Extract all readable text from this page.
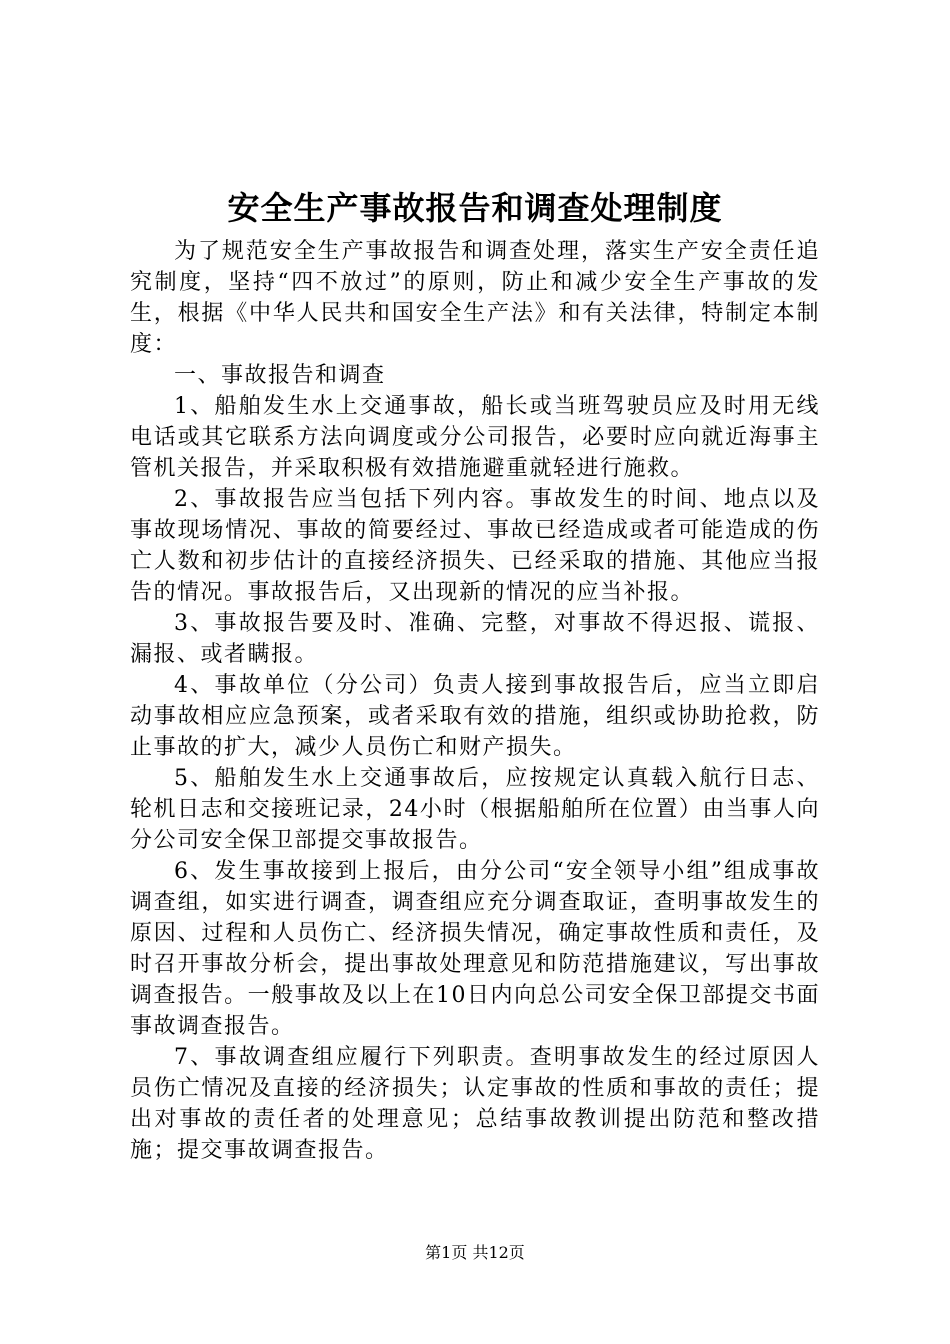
安全生产事故报告和调查处理制度

为了规范安全生产事故报告和调查处理，落实生产安全责任追究制度，坚持“四不放过”的原则，防止和减少安全生产事故的发生，根据《中华人民共和国安全生产法》和有关法律，特制定本制度：

一、事故报告和调查

1、船舶发生水上交通事故，船长或当班驾驶员应及时用无线电话或其它联系方法向调度或分公司报告，必要时应向就近海事主管机关报告，并采取积极有效措施避重就轻进行施救。

2、事故报告应当包括下列内容。事故发生的时间、地点以及事故现场情况、事故的简要经过、事故已经造成或者可能造成的伤亡人数和初步估计的直接经济损失、已经采取的措施、其他应当报告的情况。事故报告后，又出现新的情况的应当补报。

3、事故报告要及时、准确、完整，对事故不得迟报、谎报、漏报、或者瞒报。

4、事故单位（分公司）负责人接到事故报告后，应当立即启动事故相应应急预案，或者采取有效的措施，组织或协助抢救，防止事故的扩大，减少人员伤亡和财产损失。

5、船舶发生水上交通事故后，应按规定认真载入航行日志、轮机日志和交接班记录，24小时（根据船舶所在位置）由当事人向分公司安全保卫部提交事故报告。

6、发生事故接到上报后，由分公司“安全领导小组”组成事故调查组，如实进行调查，调查组应充分调查取证，查明事故发生的原因、过程和人员伤亡、经济损失情况，确定事故性质和责任，及时召开事故分析会，提出事故处理意见和防范措施建议，写出事故调查报告。一般事故及以上在10日内向总公司安全保卫部提交书面事故调查报告。

7、事故调查组应履行下列职责。查明事故发生的经过原因人员伤亡情况及直接的经济损失；认定事故的性质和事故的责任；提出对事故的责任者的处理意见；总结事故教训提出防范和整改措施；提交事故调查报告。

第1页 共12页
